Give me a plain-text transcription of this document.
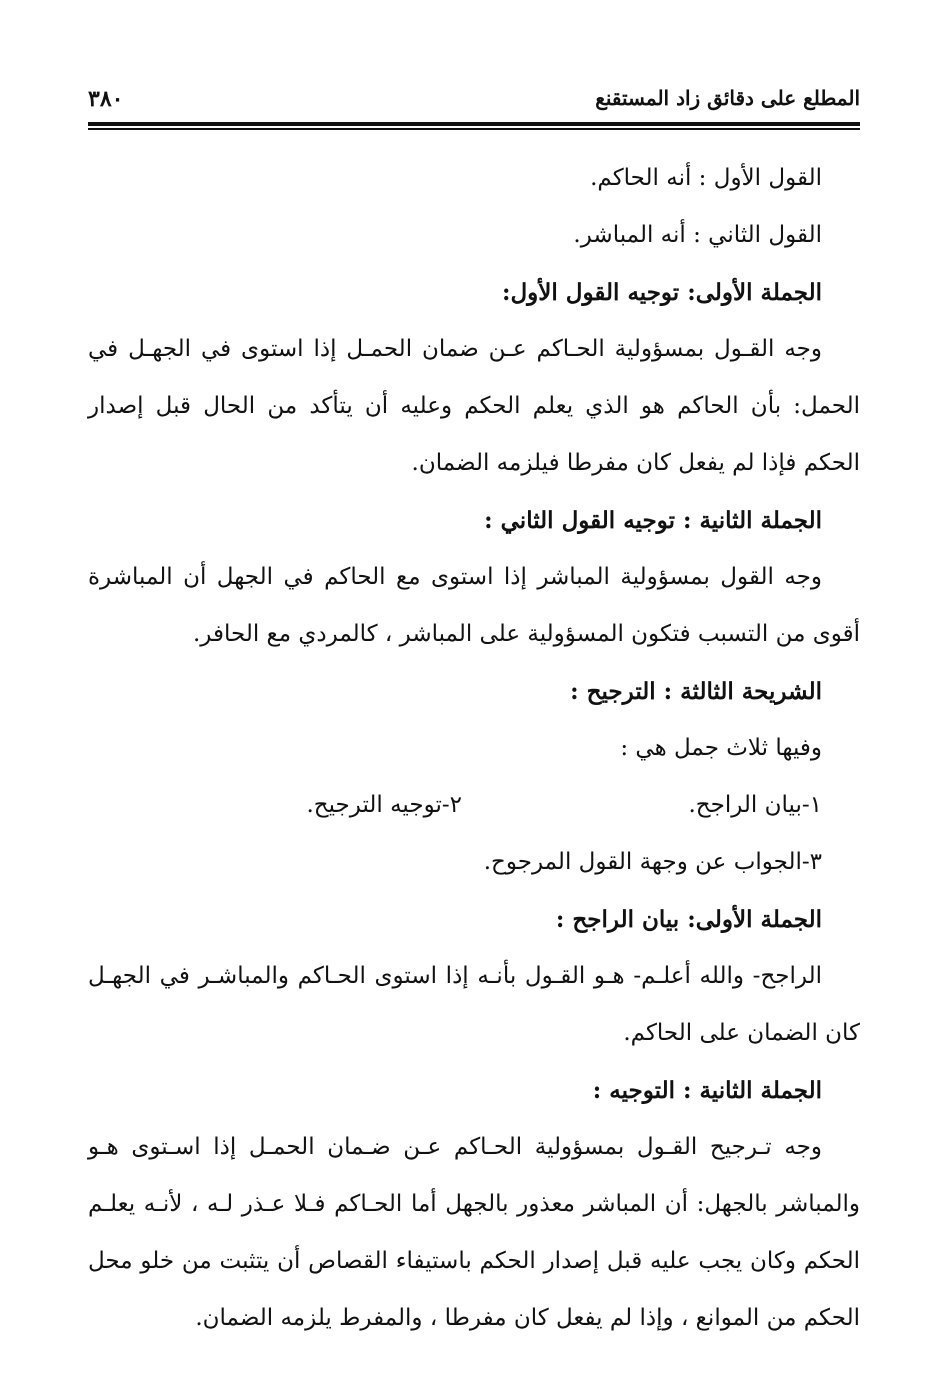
المطلع على دقائق زاد المستقنع
٣٨٠

القول الأول : أنه الحاكم.

القول الثاني : أنه المباشر.

الجملة الأولى: توجيه القول الأول:

وجه القـول بمسؤولية الحـاكم عـن ضمان الحمـل إذا استوى في الجهـل في الحمل: بأن الحاكم هو الذي يعلم الحكم وعليه أن يتأكد من الحال قبل إصدار الحكم فإذا لم يفعل كان مفرطا فيلزمه الضمان.

الجملة الثانية : توجيه القول الثاني :

وجه القول بمسؤولية المباشر إذا استوى مع الحاكم في الجهل أن المباشرة أقوى من التسبب فتكون المسؤولية على المباشر ، كالمردي مع الحافر.

الشريحة الثالثة : الترجيح :

وفيها ثلاث جمل هي :

١-بيان الراجح.
٢-توجيه الترجيح.

٣-الجواب عن وجهة القول المرجوح.

الجملة الأولى: بيان الراجح :

الراجح- والله أعلـم- هـو القـول بأنـه إذا استوى الحـاكم والمباشـر في الجهـل كان الضمان على الحاكم.

الجملة الثانية : التوجيه :

وجه تـرجيح القـول بمسؤولية الحـاكم عـن ضـمان الحمـل إذا اسـتوى هـو والمباشر بالجهل: أن المباشر معذور بالجهل أما الحـاكم فـلا عـذر لـه ، لأنـه يعلـم الحكم وكان يجب عليه قبل إصدار الحكم باستيفاء القصاص أن يتثبت من خلو محل الحكم من الموانع ، وإذا لم يفعل كان مفرطا ، والمفرط يلزمه الضمان.
